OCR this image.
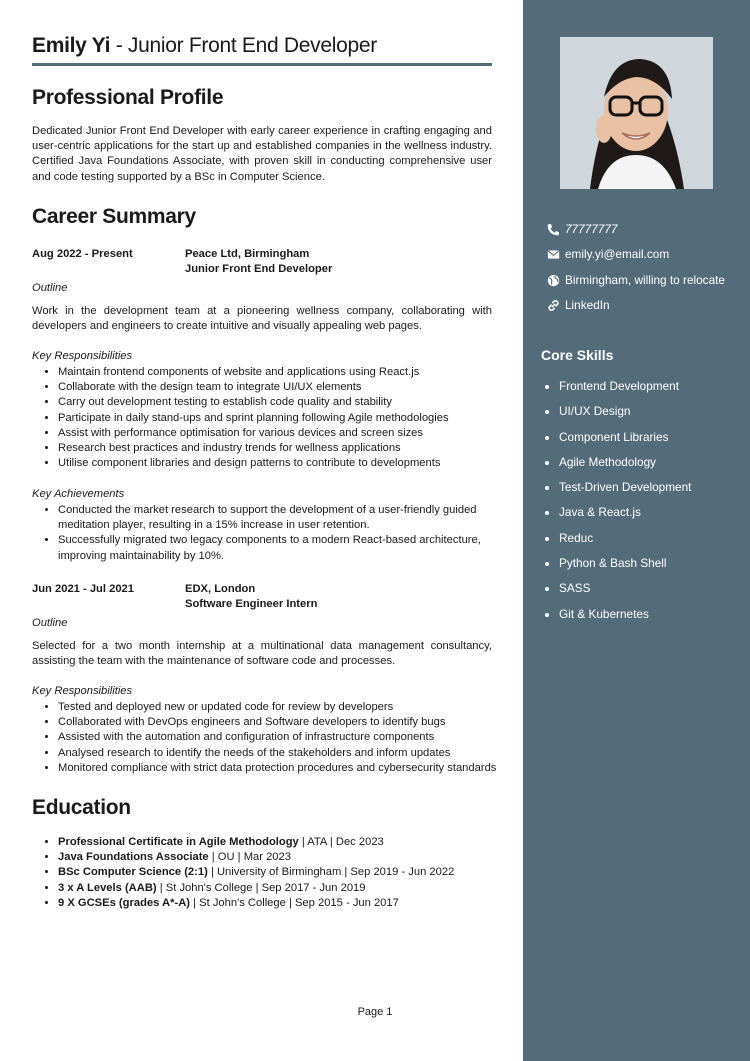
Emily Yi - Junior Front End Developer
Professional Profile

Dedicated Junior Front End Developer with early career experience in crafting engaging and user-centric applications for the start up and established companies in the wellness industry. Certified Java Foundations Associate, with proven skill in conducting comprehensive user and code testing supported by a BSc in Computer Science.

Career Summary
Aug 2022 - Present	Peace Ltd, Birmingham
Junior Front End Developer
Outline

Work in the development team at a pioneering wellness company, collaborating with developers and engineers to create intuitive and visually appealing web pages.

Key Responsibilities
• Maintain frontend components of website and applications using React.js
• Collaborate with the design team to integrate UI/UX elements
• Carry out development testing to establish code quality and stability
• Participate in daily stand-ups and sprint planning following Agile methodologies
• Assist with performance optimisation for various devices and screen sizes
• Research best practices and industry trends for wellness applications
• Utilise component libraries and design patterns to contribute to developments
Key Achievements
• Conducted the market research to support the development of a user-friendly guided meditation player, resulting in a 15% increase in user retention.
• Successfully migrated two legacy components to a modern React-based architecture, improving maintainability by 10%.
Jun 2021 - Jul 2021	EDX, London
Software Engineer Intern
Outline

Selected for a two month internship at a multinational data management consultancy, assisting the team with the maintenance of software code and processes.

Key Responsibilities
• Tested and deployed new or updated code for review by developers
• Collaborated with DevOps engineers and Software developers to identify bugs
• Assisted with the automation and configuration of infrastructure components
• Analysed research to identify the needs of the stakeholders and inform updates
• Monitored compliance with strict data protection procedures and cybersecurity standards
Education
• Professional Certificate in Agile Methodology | ATA | Dec 2023
• Java Foundations Associate | OU | Mar 2023
• BSc Computer Science (2:1) | University of Birmingham | Sep 2019 - Jun 2022
• 3 x A Levels (AAB) | St John's College | Sep 2017 - Jun 2019
• 9 X GCSEs (grades A*-A) | St John's College | Sep 2015 - Jun 2017
77777777
emily.yi@email.com
Birmingham, willing to relocate
LinkedIn
Core Skills
• Frontend Development
• UI/UX Design
• Component Libraries
• Agile Methodology
• Test-Driven Development
• Java & React.js
• Reduc
• Python & Bash Shell
• SASS
• Git & Kubernetes
Page 1
